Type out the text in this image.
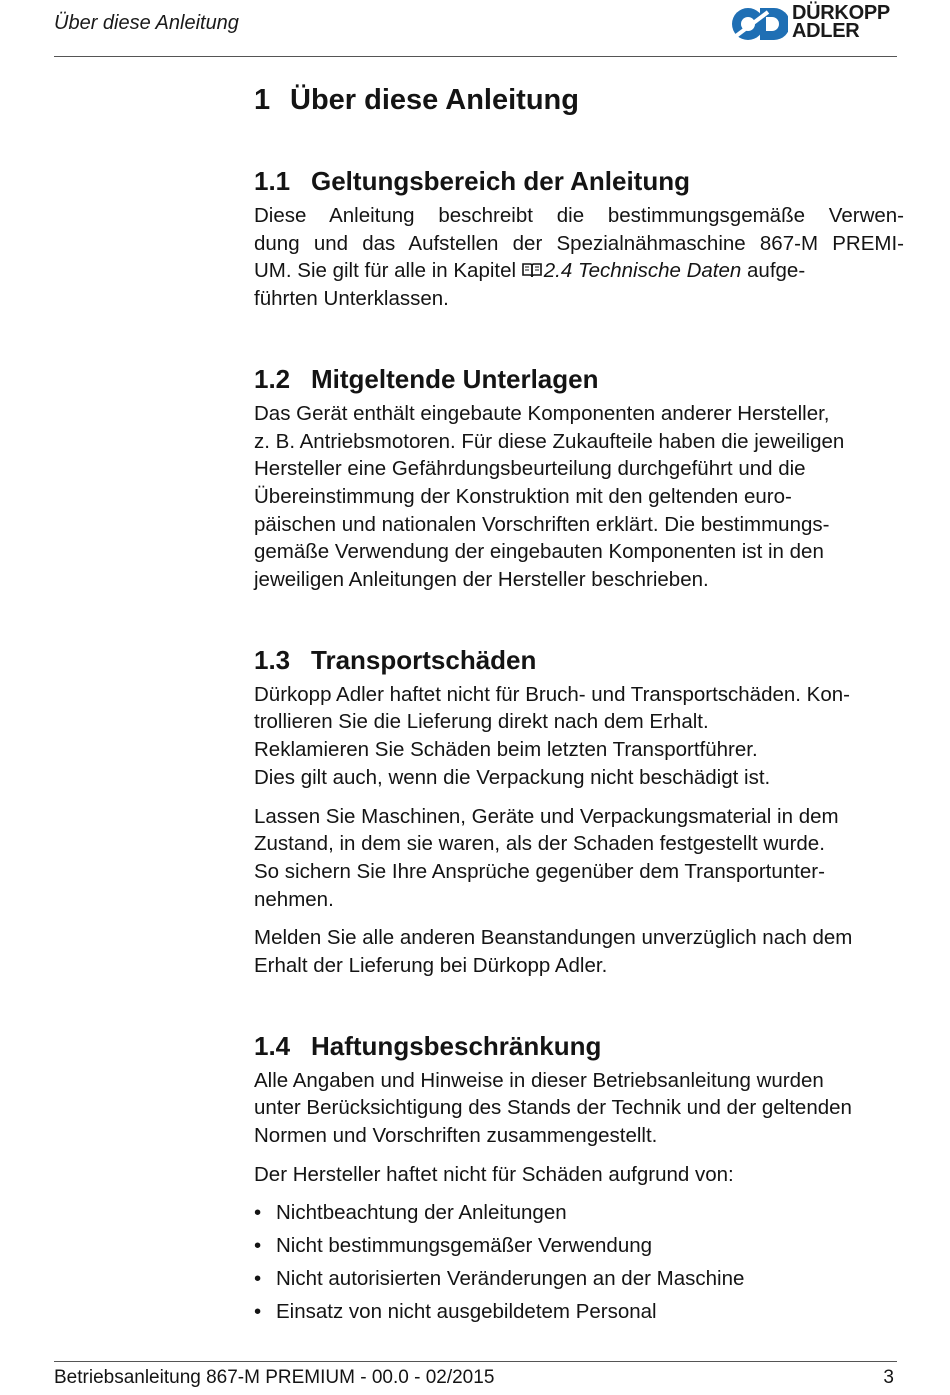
Über diese Anleitung	DÜRKOPP
ADLER
1 Über diese Anleitung
1.1 Geltungsbereich der Anleitung

Diese Anleitung beschreibt die bestimmungsgemäße Verwen-
dung und das Aufstellen der Spezialnähmaschine 867-M PREMI-
UM. Sie gilt für alle in Kapitel 2.4 Technische Daten aufge-
führten Unterklassen.

1.2 Mitgeltende Unterlagen

Das Gerät enthält eingebaute Komponenten anderer Hersteller,
z. B. Antriebsmotoren. Für diese Zukaufteile haben die jeweiligen
Hersteller eine Gefährdungsbeurteilung durchgeführt und die
Übereinstimmung der Konstruktion mit den geltenden euro-
päischen und nationalen Vorschriften erklärt. Die bestimmungs-
gemäße Verwendung der eingebauten Komponenten ist in den
jeweiligen Anleitungen der Hersteller beschrieben.

1.3 Transportschäden

Dürkopp Adler haftet nicht für Bruch- und Transportschäden. Kon-
trollieren Sie die Lieferung direkt nach dem Erhalt.
Reklamieren Sie Schäden beim letzten Transportführer.
Dies gilt auch, wenn die Verpackung nicht beschädigt ist.

Lassen Sie Maschinen, Geräte und Verpackungsmaterial in dem
Zustand, in dem sie waren, als der Schaden festgestellt wurde.
So sichern Sie Ihre Ansprüche gegenüber dem Transportunter-
nehmen.

Melden Sie alle anderen Beanstandungen unverzüglich nach dem
Erhalt der Lieferung bei Dürkopp Adler.

1.4 Haftungsbeschränkung

Alle Angaben und Hinweise in dieser Betriebsanleitung wurden
unter Berücksichtigung des Stands der Technik und der geltenden
Normen und Vorschriften zusammengestellt.

Der Hersteller haftet nicht für Schäden aufgrund von:

• Nichtbeachtung der Anleitungen
• Nicht bestimmungsgemäßer Verwendung
• Nicht autorisierten Veränderungen an der Maschine
• Einsatz von nicht ausgebildetem Personal
Betriebsanleitung 867-M PREMIUM - 00.0 - 02/2015	3
